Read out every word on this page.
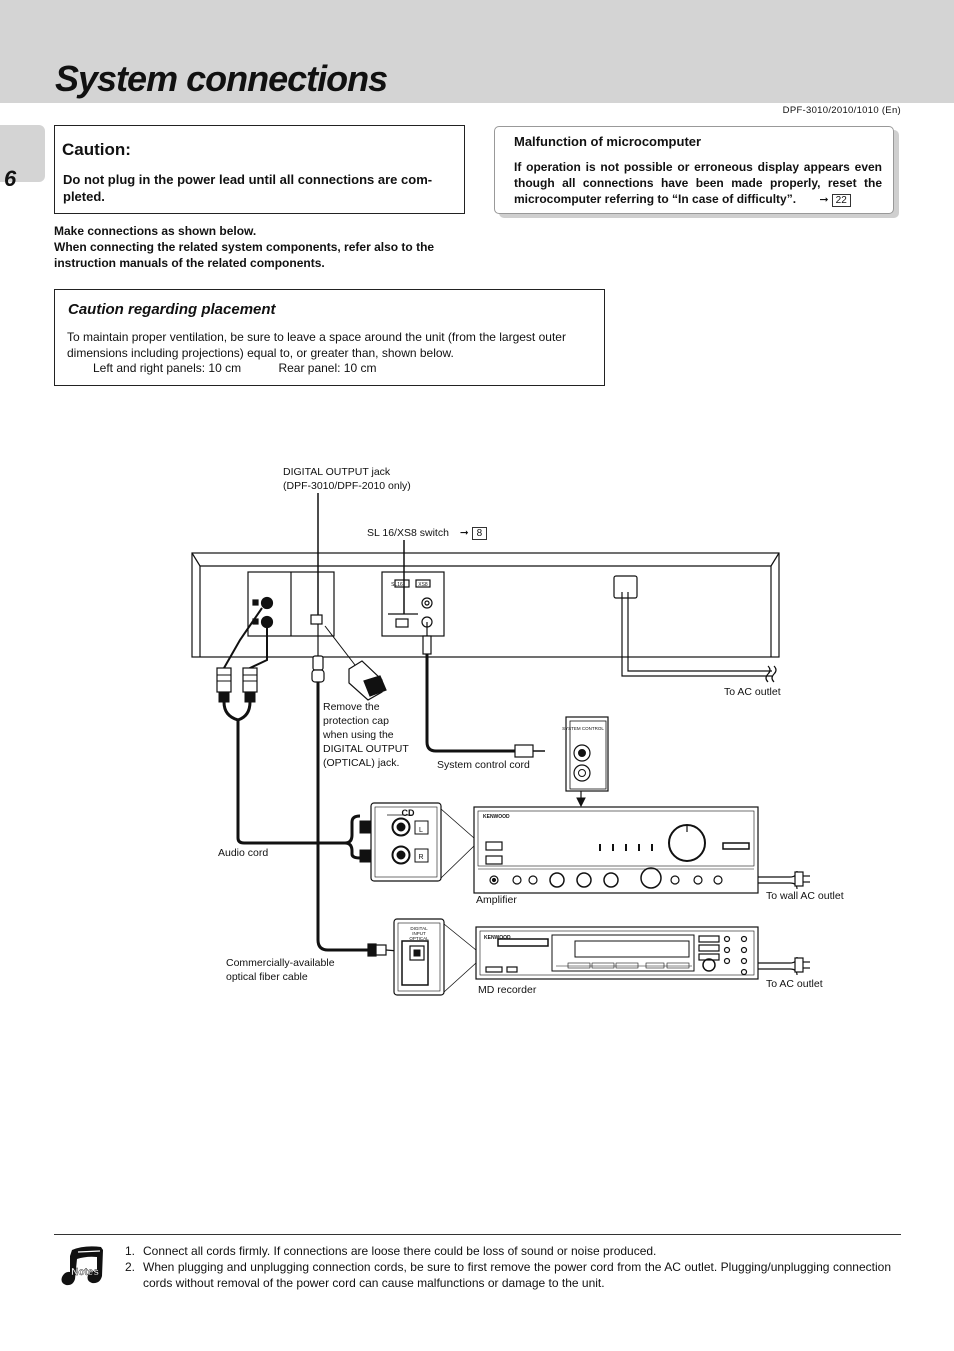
System connections
6
DPF-3010/2010/1010 (En)
Caution:
Do not plug in the power lead until all connections are com-pleted.
Malfunction of microcomputer
If operation is not possible or erroneous display appears even though all connections have been made properly, reset the microcomputer referring to “In case of difficulty”. ➞ 22
Make connections as shown below.
When connecting the related system components, refer also to the instruction manuals of the related components.
Caution regarding placement
To maintain proper ventilation, be sure to leave a space around the unit (from the largest outer dimensions including projections) equal to, or greater than, shown below.
Left and right panels: 10 cm	Rear panel: 10 cm
SL16	XS8
SYSTEM CONTROL
CD
L
R
KENWOOD
DIGITAL
INPUT
OPTICAL	KENWOOD
Notes
DIGITAL OUTPUT jack
(DPF-3010/DPF-2010 only)
SL 16/XS8 switch ➞ 8
To AC outlet
Remove the
protection cap
when using the
DIGITAL OUTPUT
(OPTICAL) jack.	System control cord
Audio cord
Amplifier	To wall AC outlet
Commercially-available
optical fiber cable
MD recorder	To AC outlet
1. Connect all cords firmly. If connections are loose there could be loss of sound or noise produced.
2. When plugging and unplugging connection cords, be sure to first remove the power cord from the AC outlet. Plugging/unplugging connection cords without removal of the power cord can cause malfunctions or damage to the unit.
